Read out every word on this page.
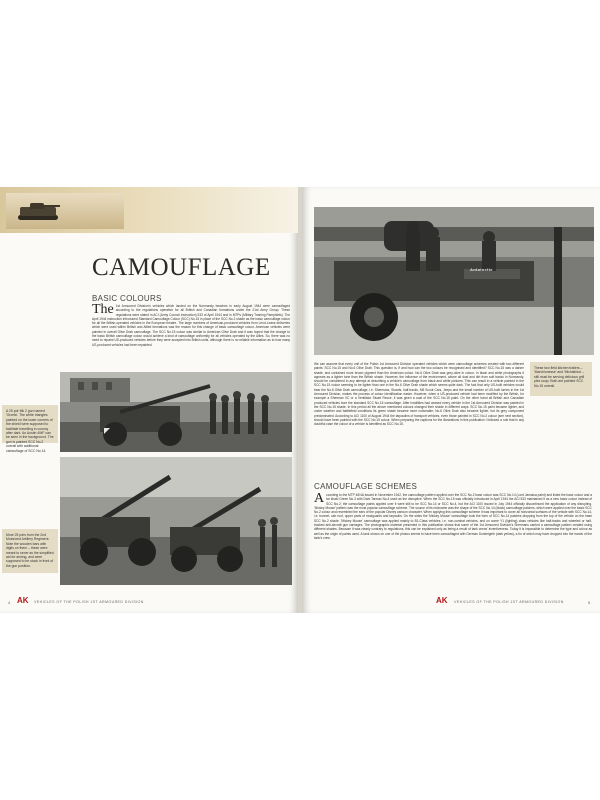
CAMOUFLAGE
BASIC COLOURS
The 1st Armoured Division's vehicles which landed on the Normandy beaches in early August 1944 were camouflaged according to the regulations operative for all British and Canadian formations under the 21st Army Group. These regulations were stated in ACI (Army Council Instruction) 533 of April 1944 and in MTPs (Military Training Pamphlets). The April 1944 instruction introduced Standard Camouflage Colour (SCC) No.15 in place of the SCC No.2 shade as the basic camouflage colour for all the British-operated vehicles in the European theatre. The large numbers of American-produced vehicles from Lend-Lease deliveries which were used within British and Allied formations was the reason for this change of basic camouflage colour. American vehicles were painted in overall Olive Drab camouflage. The SCC No.15 colour was similar to American Olive Drab and it was hoped that the change to the basic British camouflage colour would achieve a kind of camouflage uniformity for all vehicles operated by the Allies. So, there was no need to repaint US-produced vehicles before they were accepted into British units, although there is no reliable information as to how many US-produced vehicles had been repainted.
A 25 pdr Mk 2 gun named 'Orzeła'. The white triangles painted on the lower corners of the shield were supposed to facilitate travelling in convoy after dark. An Austin 4WF can be seen in the background. The gun is painted SCC No.2 overall with additional camouflage of SCC No.14.
More 25 pdrs from the 2nd Motorized Artillery Regiment. Note the wooden bars with digits on them – these were meant to serve as the simplified aid for aiming, and were supposed to be stuck in front of the gun position.
4 AK VEHICLES OF THE POLISH 1ST ARMOURED DIVISION
Antoinette
We can assume that every unit of the Polish 1st Armoured Division operated vehicles which were camouflage schemes created with two different paints: SCC No.15 and No.6 Olive Drab. This question is, if and how can the two colours be recognised and identified? SCC No.15 was a darker shade, and contained more brown pigment than the American colour. No.6 Olive Drab was grey-olive in colour. In black and white photographs it appears as a lighter tone than the British shade. However, the influence of the environment, above all dust and dirt from soft tracks in Normandy, should be considered in any attempt at describing a vehicle's camouflage from black and white pictures. This can result in a vehicle painted in the SCC No.15 colour seeming to be lighter than one in the No.6 Olive Drab shade which seems quite dark. The fact that only US-built vehicles would bear the No.6 Olive Drab camouflage, i.e. Shermans, Stuarts, half-tracks, M5 Scout Cars, Jeeps and the small number of US-built lorries in the 1st Armoured Division, makes the process of colour identification easier. However, when a US-produced vehicle had been modified by the British, for example a Sherman VC or a Ventilator Stuart Recce, it was given a coat of the SCC No.15 paint. On the other hand all British and Canadian produced vehicles bore the standard SCC No.15 camouflage. After hostilities had ceased every vehicle in the 1st Armoured Division was painted in the SCC No.15 shade. In this period all the above mentioned colours changed their shade in different ways. SCC No.15 paint became lighter, and under weather and battlefield conditions its green shade became more noticeable; No.6 Olive Drab also became lighter, but its grey component predominated. According to ACI 1100 of August 1944 the tarpaulins of transport vehicles, even those painted in SCC No.2 colour (see next section), should have been painted with the SCC No.15 colour. When preparing the captions for the illustrations in this publication I followed a rule that in any doubtful case the colour of a vehicle is identified as SCC No.15.
These two field kitchen trailers – 'Marchionesse' and 'Michalinka' – still must be serving delicious grill pies soup. Both are painted SCC No.15 overall.
CAMOUFLAGE SCHEMES
According to the MTP 46/4A issued in November 1942, the camouflage pattern applied over the SCC No.2 base colour was SCC No.14 (Lord Jamaica paint) and listed the base colour and a far khaki Green No.3 with Dark Tarmac No.4 used as the disruptive. When the SCC No.15 was officially introduced in April 1944 the ACI 533 maintained it as a new basic colour instead of SCC No.2; the camouflage paints applied over it were still to be SCC No.14 or SCC No.4, but the ACI 1100 issued in July 1944 officially discontinued the application of any disrupting. 'Mickey Mouse' pattern was the most popular camouflage scheme. The source of its nickname was the shape of the SCC No.14 (black) camouflage patches, which were applied over the basic SCC No.2 colour and resembled the ears of the popular Disney cartoon character. When applying this camouflage scheme it was important to cover all horizontal surfaces of the vehicle with SCC No.14, i.e. bonnet, cab roof, upper parts of mudguards and tarpaulin. On the sides the 'Mickey Mouse' camouflage took the form of SCC No.14 patches dropping from the top of the vehicle on the base SCC No.2 shade. 'Mickey Mouse' camouflage was applied mainly to B1-Class vehicles, i.e. non-combat vehicles, and on some Y1 (lighting) class vehicles like half-tracks and wheeled or half-tracked anti-aircraft gun carriages. The photographic material presented in this publication shows that some of the 1st Armoured Division's Shermans carried a camouflage pattern created using different shades. Because it was clearly contrary to regulations, this can be explained only as being a result of tank crews' inventiveness. Today it is impossible to determine the type and colour as well as the origin of paints used. A tank shown on one of the photos seems to have been camouflaged with German Dunkelgelb (dark yellow), a tin of which may have dropped into the hands of the tank's crew.
VEHICLES OF THE POLISH 1ST ARMOURED DIVISION
AK	5
